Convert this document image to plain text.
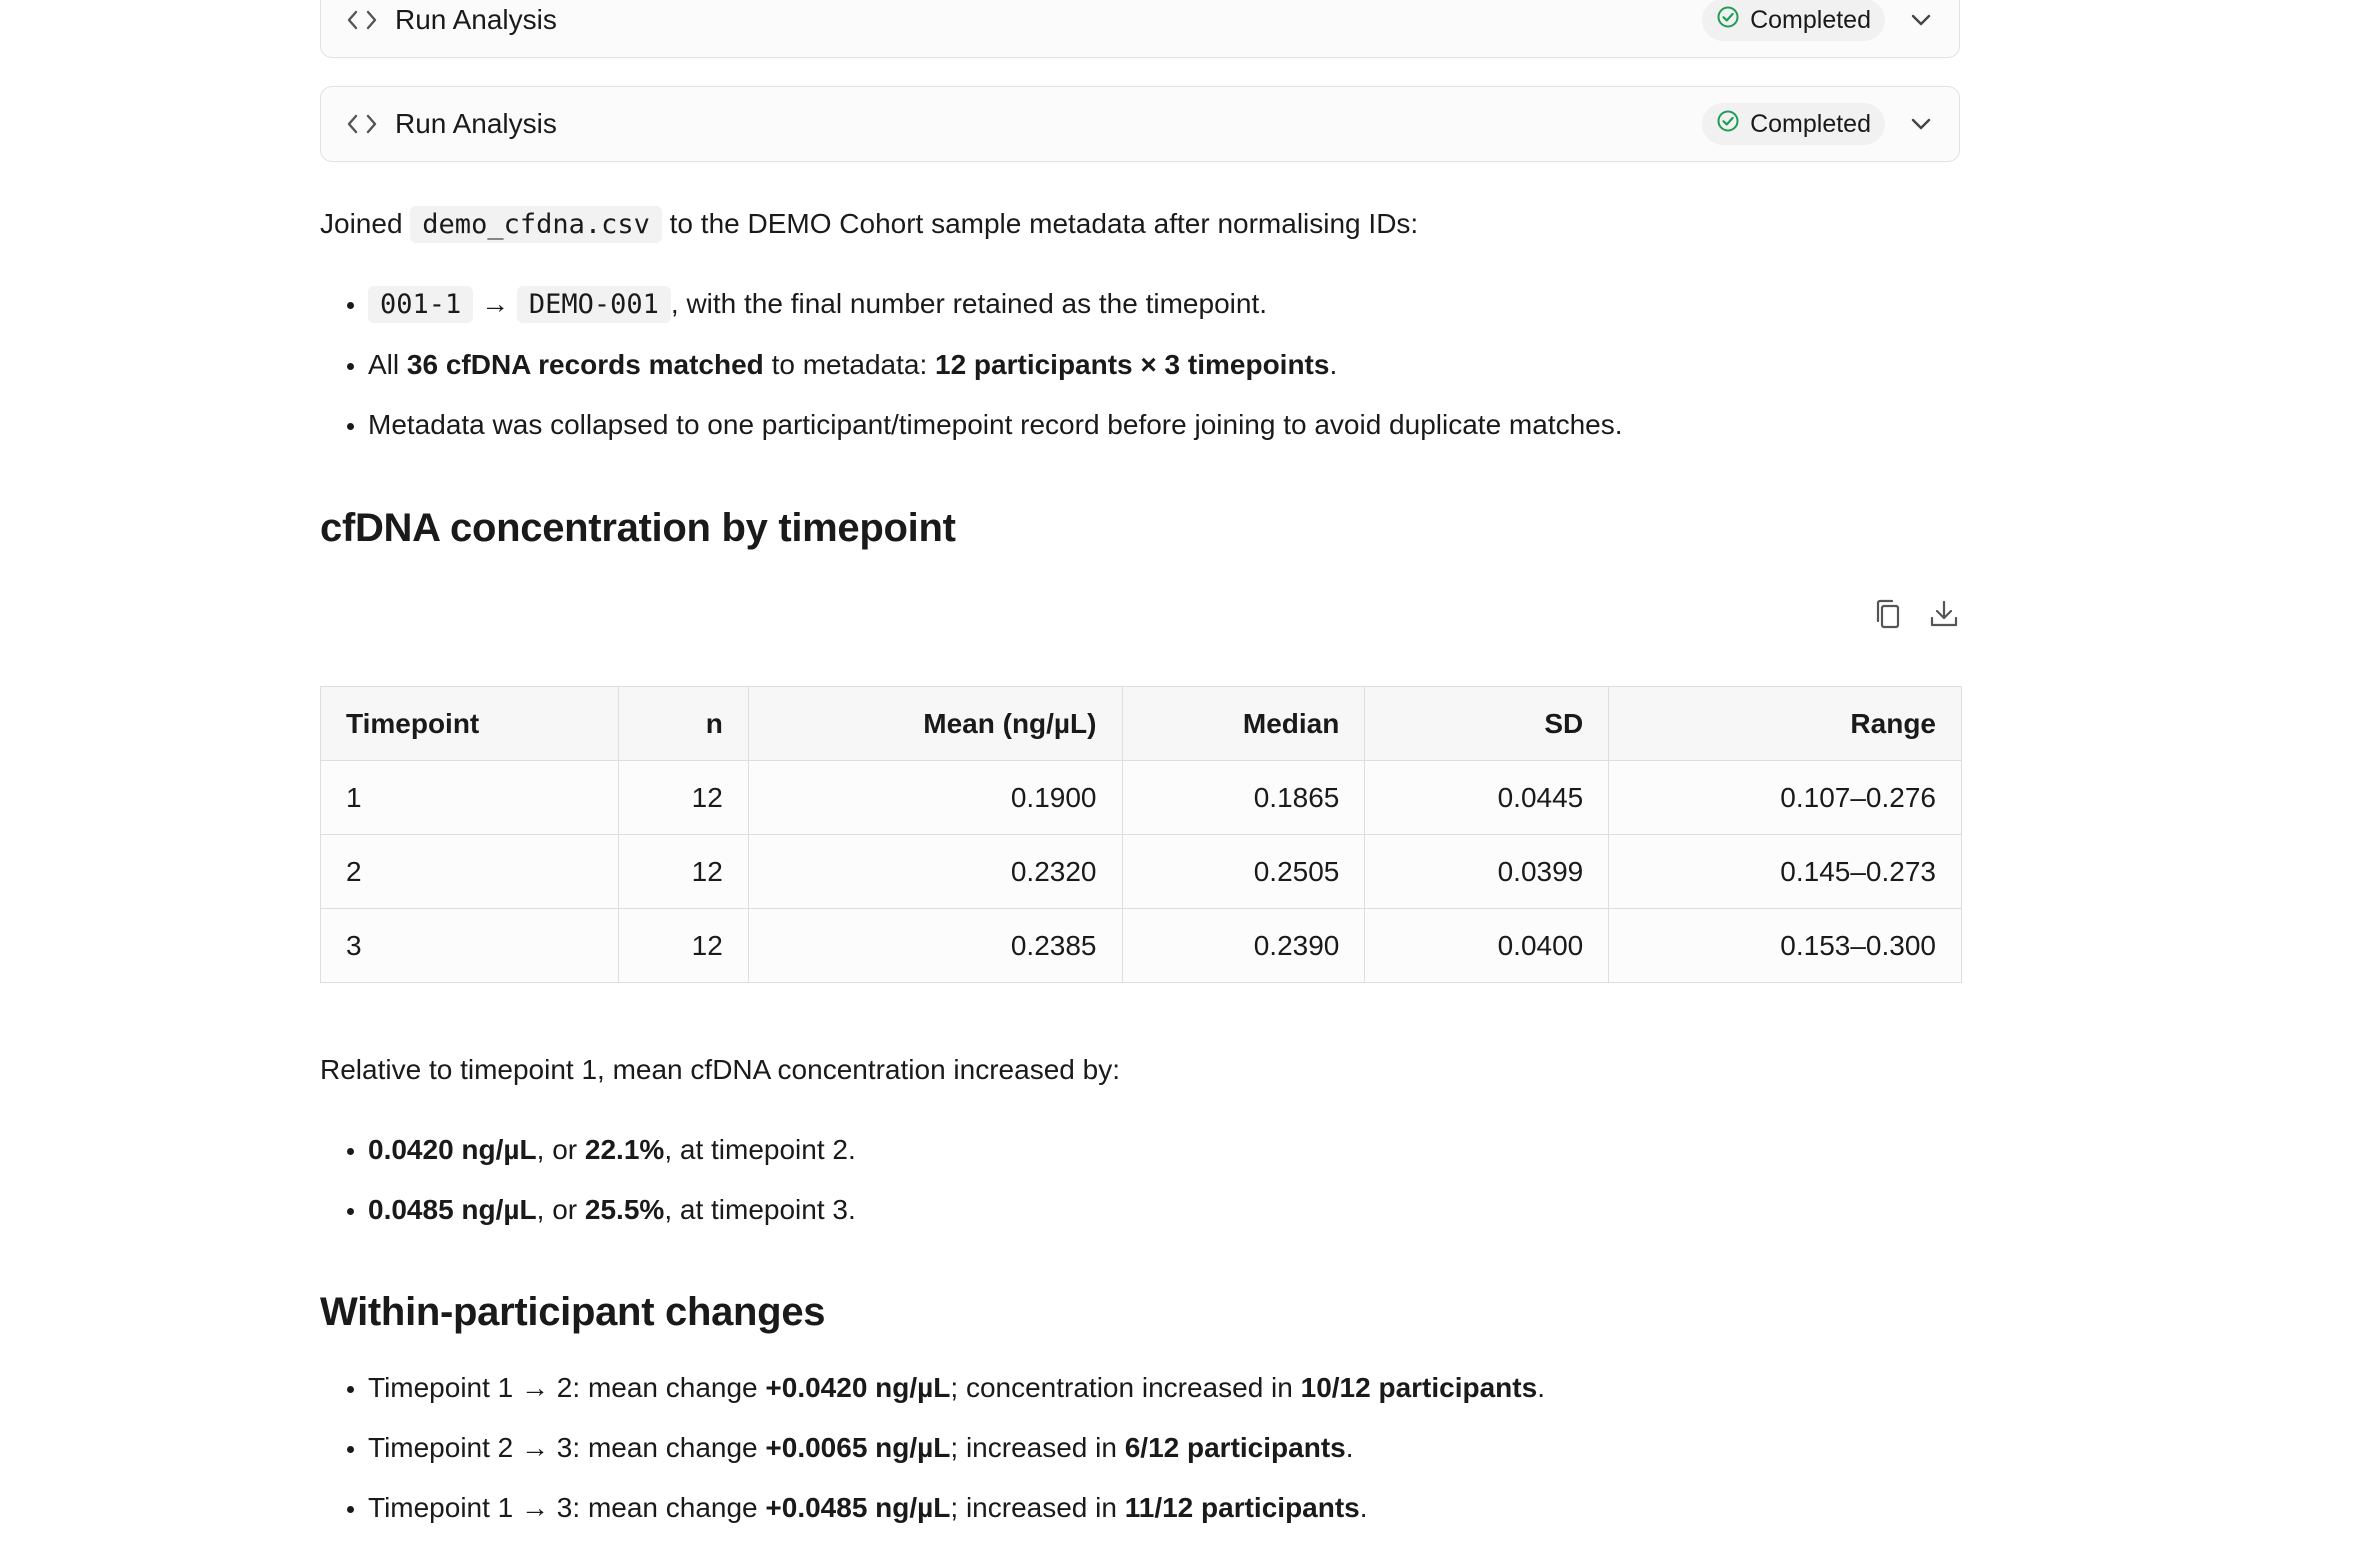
Run Analysis	Completed
Run Analysis	Completed

Joined demo_cfdna.csv to the DEMO Cohort sample metadata after normalising IDs:

• 001-1 → DEMO-001 , with the final number retained as the timepoint.
• All 36 cfDNA records matched to metadata: 12 participants × 3 timepoints.
• Metadata was collapsed to one participant/timepoint record before joining to avoid duplicate matches.
cfDNA concentration by timepoint
Timepoint	n	Mean (ng/µL)	Median	SD	Range
1	12	0.1900	0.1865	0.0445	0.107–0.276
2	12	0.2320	0.2505	0.0399	0.145–0.273
3	12	0.2385	0.2390	0.0400	0.153–0.300

Relative to timepoint 1, mean cfDNA concentration increased by:

• 0.0420 ng/µL, or 22.1%, at timepoint 2.
• 0.0485 ng/µL, or 25.5%, at timepoint 3.
Within-participant changes
• Timepoint 1 → 2: mean change +0.0420 ng/µL; concentration increased in 10/12 participants.
• Timepoint 2 → 3: mean change +0.0065 ng/µL; increased in 6/12 participants.
• Timepoint 1 → 3: mean change +0.0485 ng/µL; increased in 11/12 participants.
